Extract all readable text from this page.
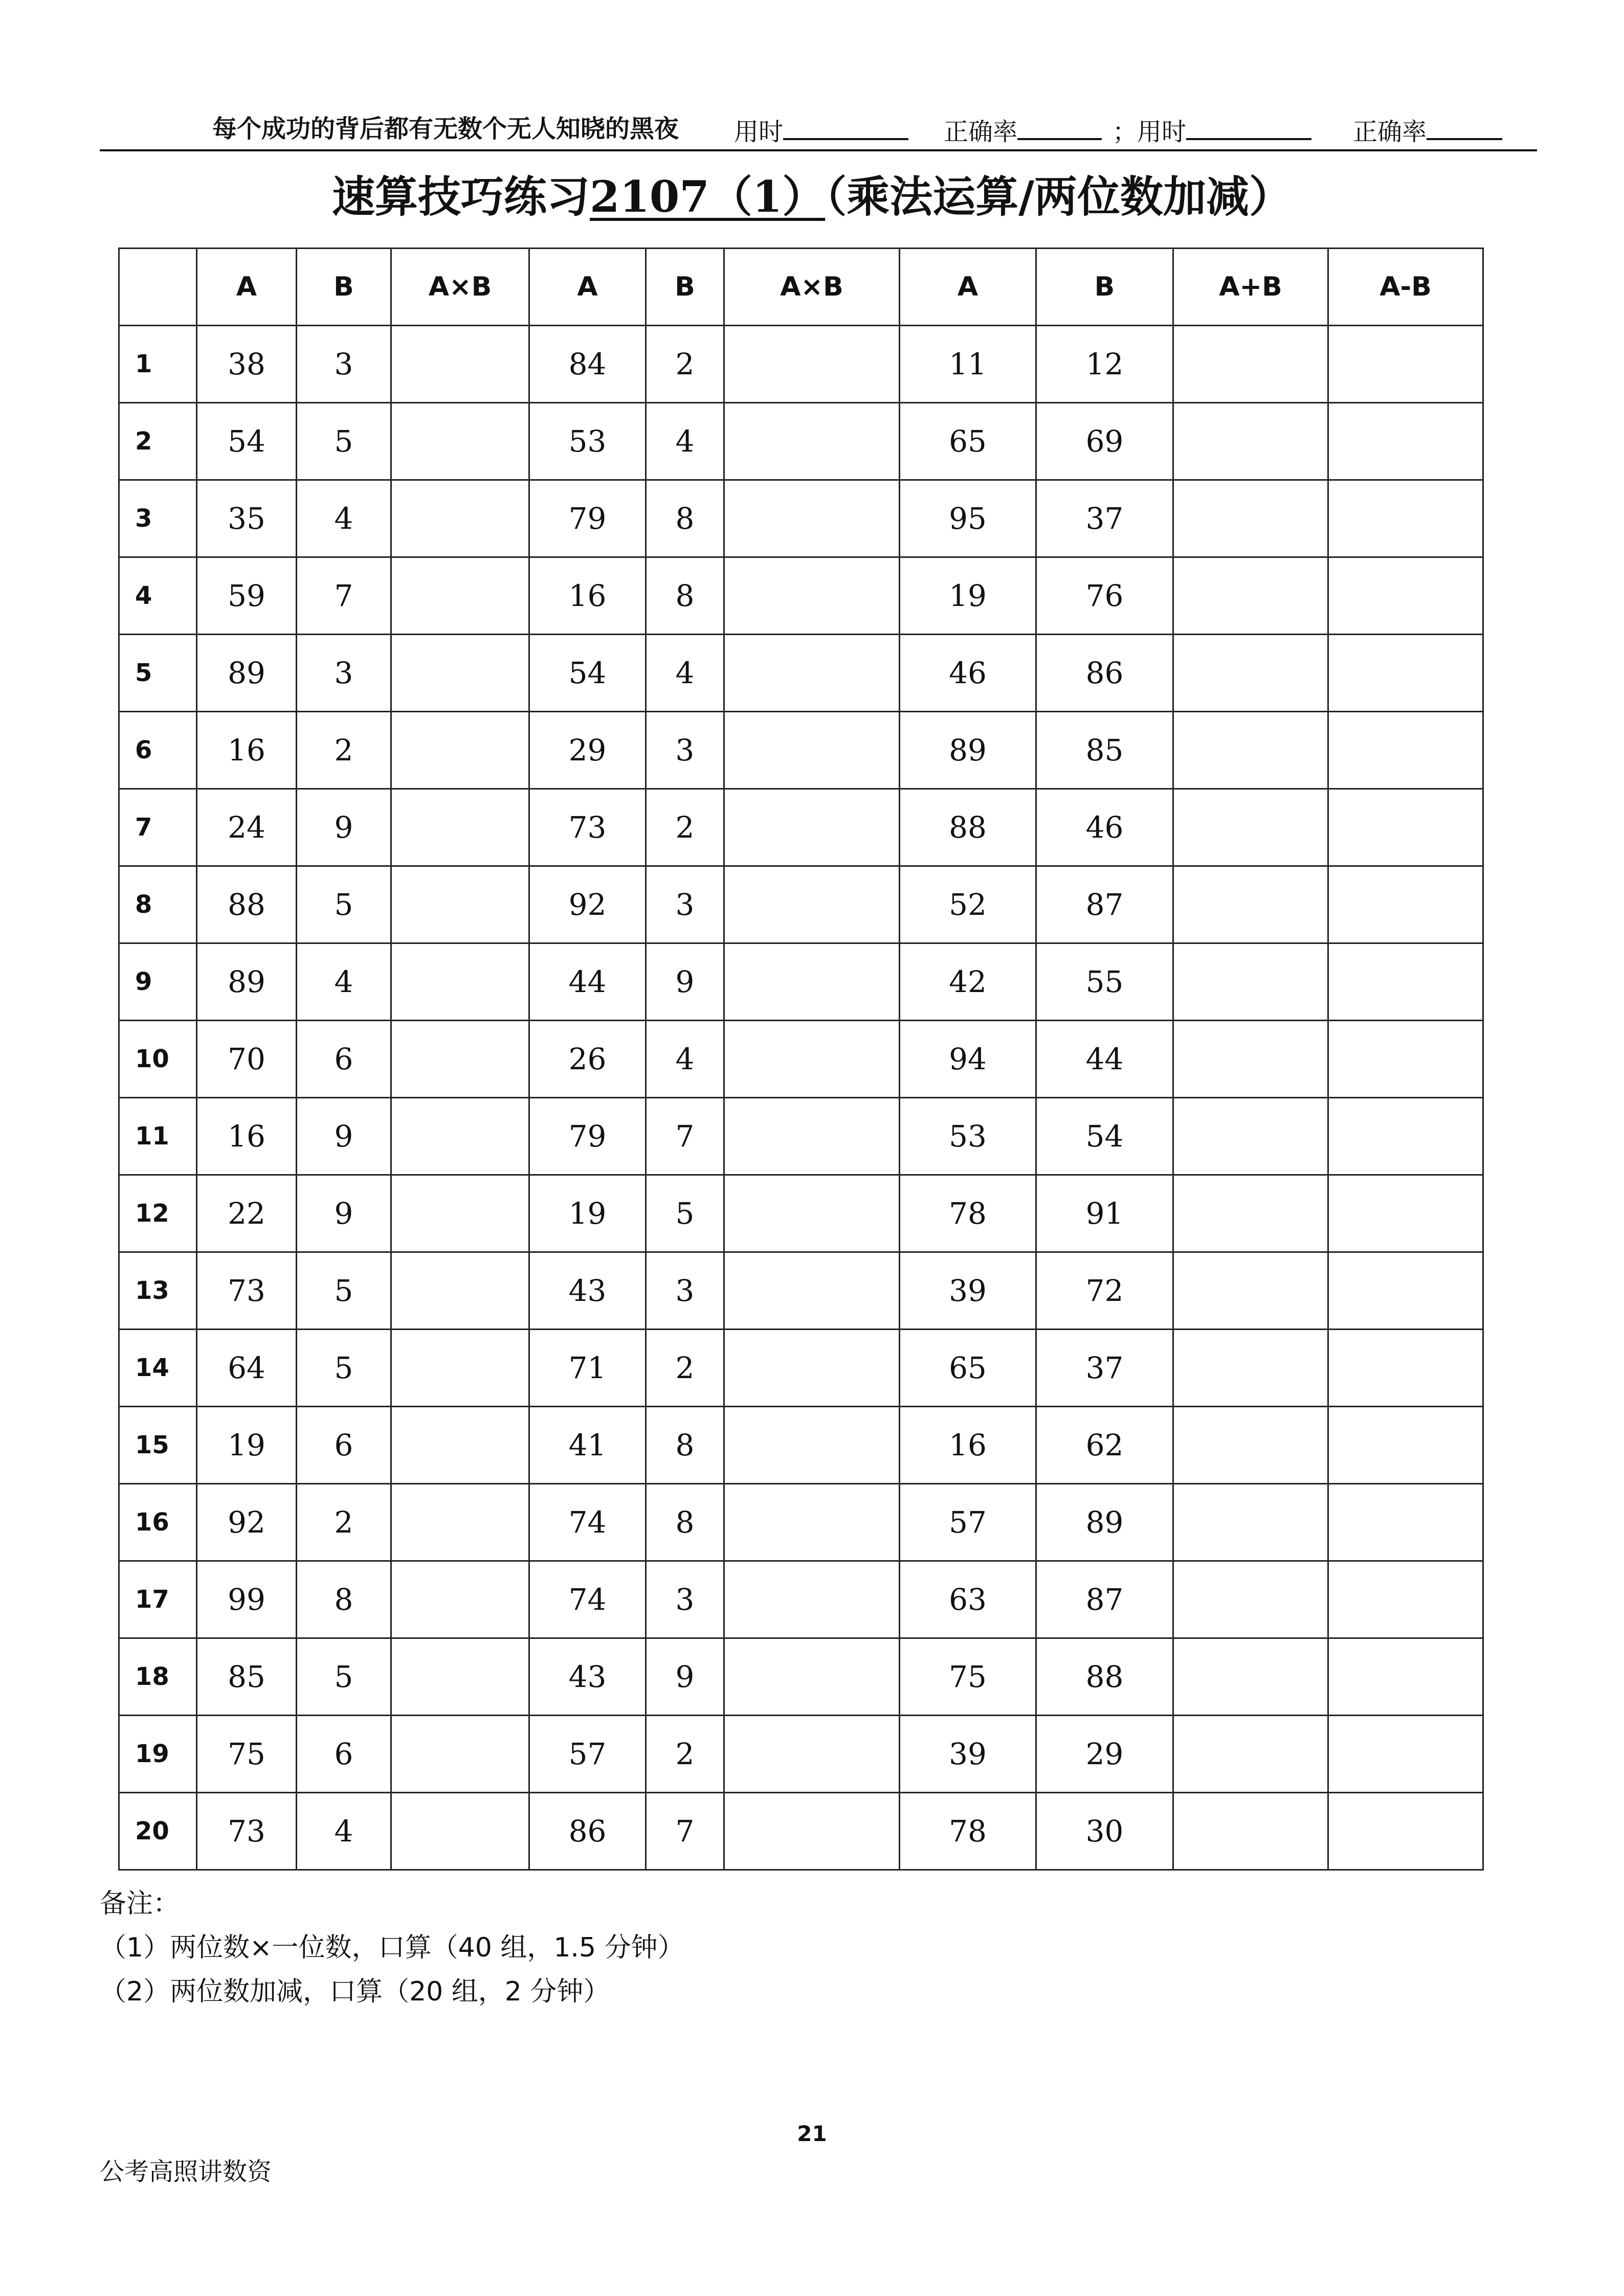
每个成功的背后都有无数个无人知晓的黑夜 用时	正确率	；用时	正确率
速算技巧练习2107（1）（乘法运算/两位数加减）
	A	B	A×B	A	B	A×B	A	B	A+B	A-B
1	38	3		84	2		11	12		
2	54	5		53	4		65	69		
3	35	4		79	8		95	37		
4	59	7		16	8		19	76		
5	89	3		54	4		46	86		
6	16	2		29	3		89	85		
7	24	9		73	2		88	46		
8	88	5		92	3		52	87		
9	89	4		44	9		42	55		
10	70	6		26	4		94	44		
11	16	9		79	7		53	54		
12	22	9		19	5		78	91		
13	73	5		43	3		39	72		
14	64	5		71	2		65	37		
15	19	6		41	8		16	62		
16	92	2		74	8		57	89		
17	99	8		74	3		63	87		
18	85	5		43	9		75	88		
19	75	6		57	2		39	29		
20	73	4		86	7		78	30		
备注：
（1）两位数×一位数，口算（40 组，1.5 分钟）
（2）两位数加减，口算（20 组，2 分钟）
21
公考高照讲数资
